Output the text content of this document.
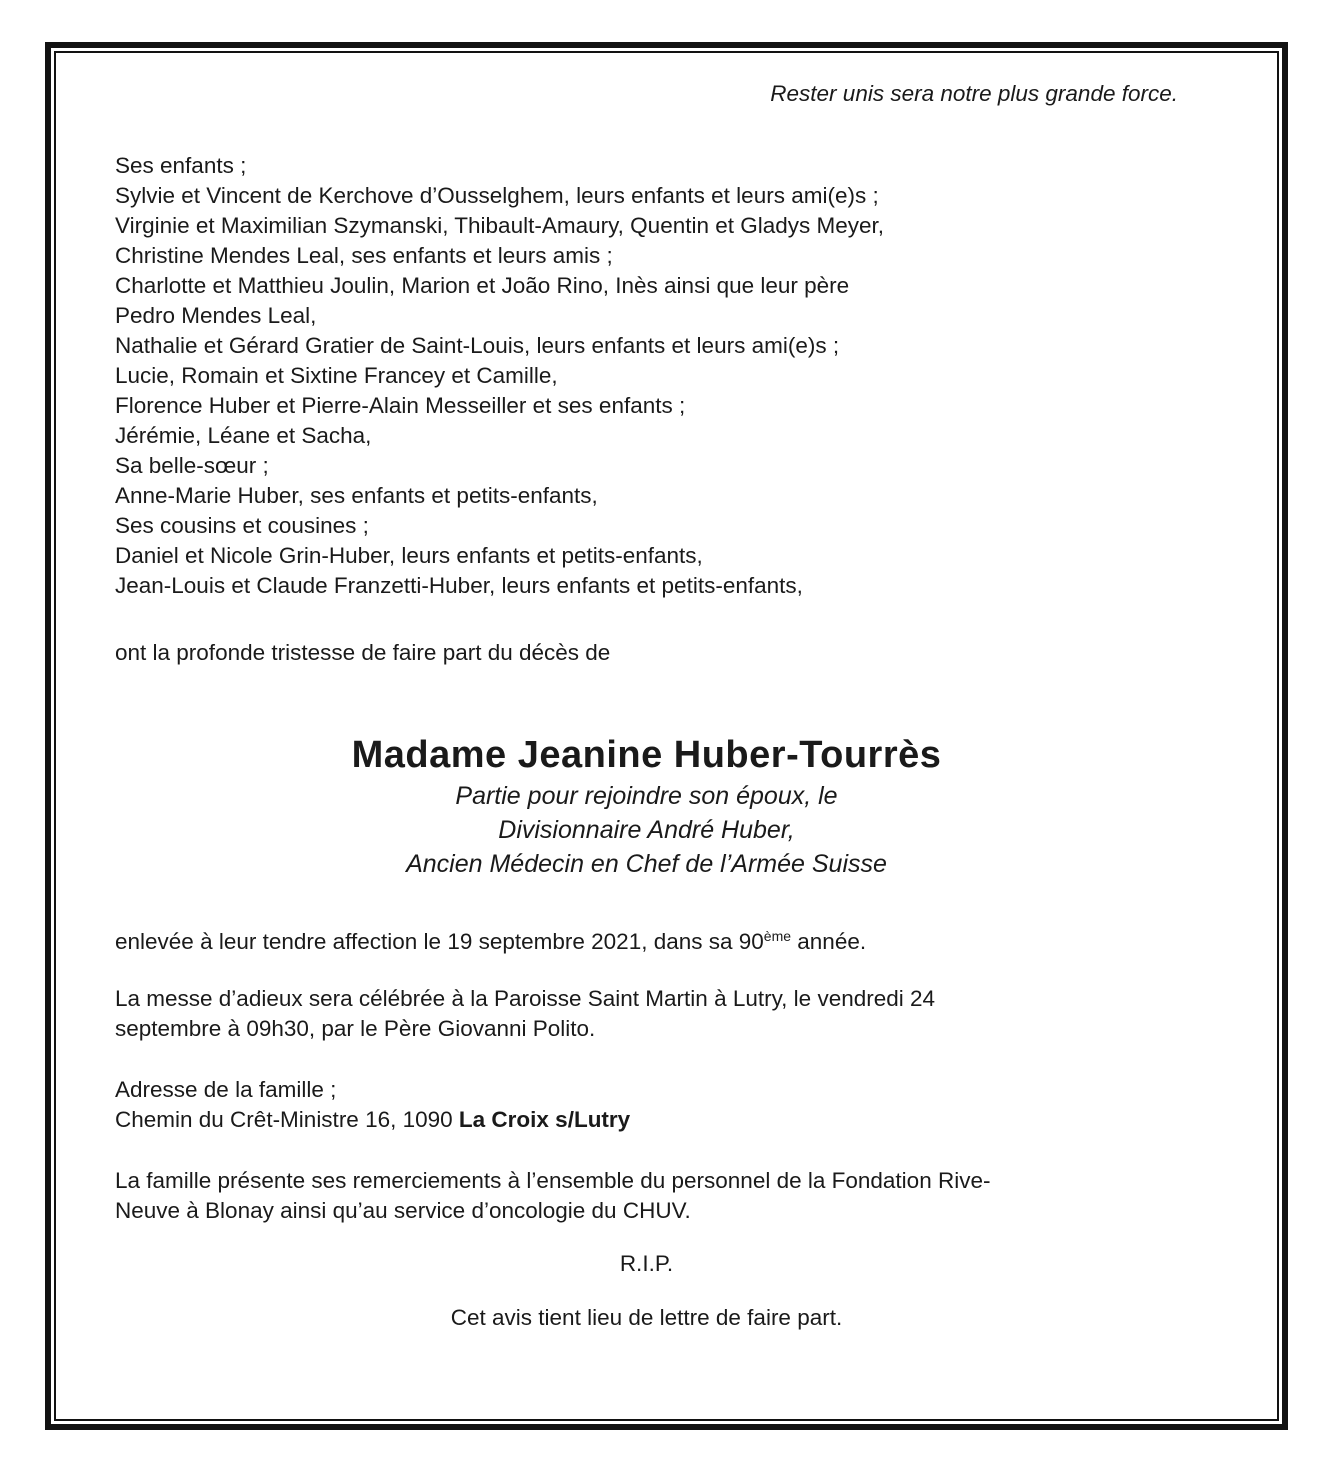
Rester unis sera notre plus grande force.
Ses enfants ;
Sylvie et Vincent de Kerchove d’Ousselghem, leurs enfants et leurs ami(e)s ;
Virginie et Maximilian Szymanski, Thibault-Amaury, Quentin et Gladys Meyer,
Christine Mendes Leal, ses enfants et leurs amis ;
Charlotte et Matthieu Joulin, Marion et João Rino, Inès ainsi que leur père
Pedro Mendes Leal,
Nathalie et Gérard Gratier de Saint-Louis, leurs enfants et leurs ami(e)s ;
Lucie, Romain et Sixtine Francey et Camille,
Florence Huber et Pierre-Alain Messeiller et ses enfants ;
Jérémie, Léane et Sacha,
Sa belle-sœur ;
Anne-Marie Huber, ses enfants et petits-enfants,
Ses cousins et cousines ;
Daniel et Nicole Grin-Huber, leurs enfants et petits-enfants,
Jean-Louis et Claude Franzetti-Huber, leurs enfants et petits-enfants,
ont la profonde tristesse de faire part du décès de
Madame Jeanine Huber-Tourrès
Partie pour rejoindre son époux, le
Divisionnaire André Huber,
Ancien Médecin en Chef de l’Armée Suisse
enlevée à leur tendre affection le 19 septembre 2021, dans sa 90ème année.
La messe d’adieux sera célébrée à la Paroisse Saint Martin à Lutry, le vendredi 24
septembre à 09h30, par le Père Giovanni Polito.
Adresse de la famille ;
Chemin du Crêt-Ministre 16, 1090 La Croix s/Lutry
La famille présente ses remerciements à l’ensemble du personnel de la Fondation Rive-
Neuve à Blonay ainsi qu’au service d’oncologie du CHUV.
R.I.P.
Cet avis tient lieu de lettre de faire part.
